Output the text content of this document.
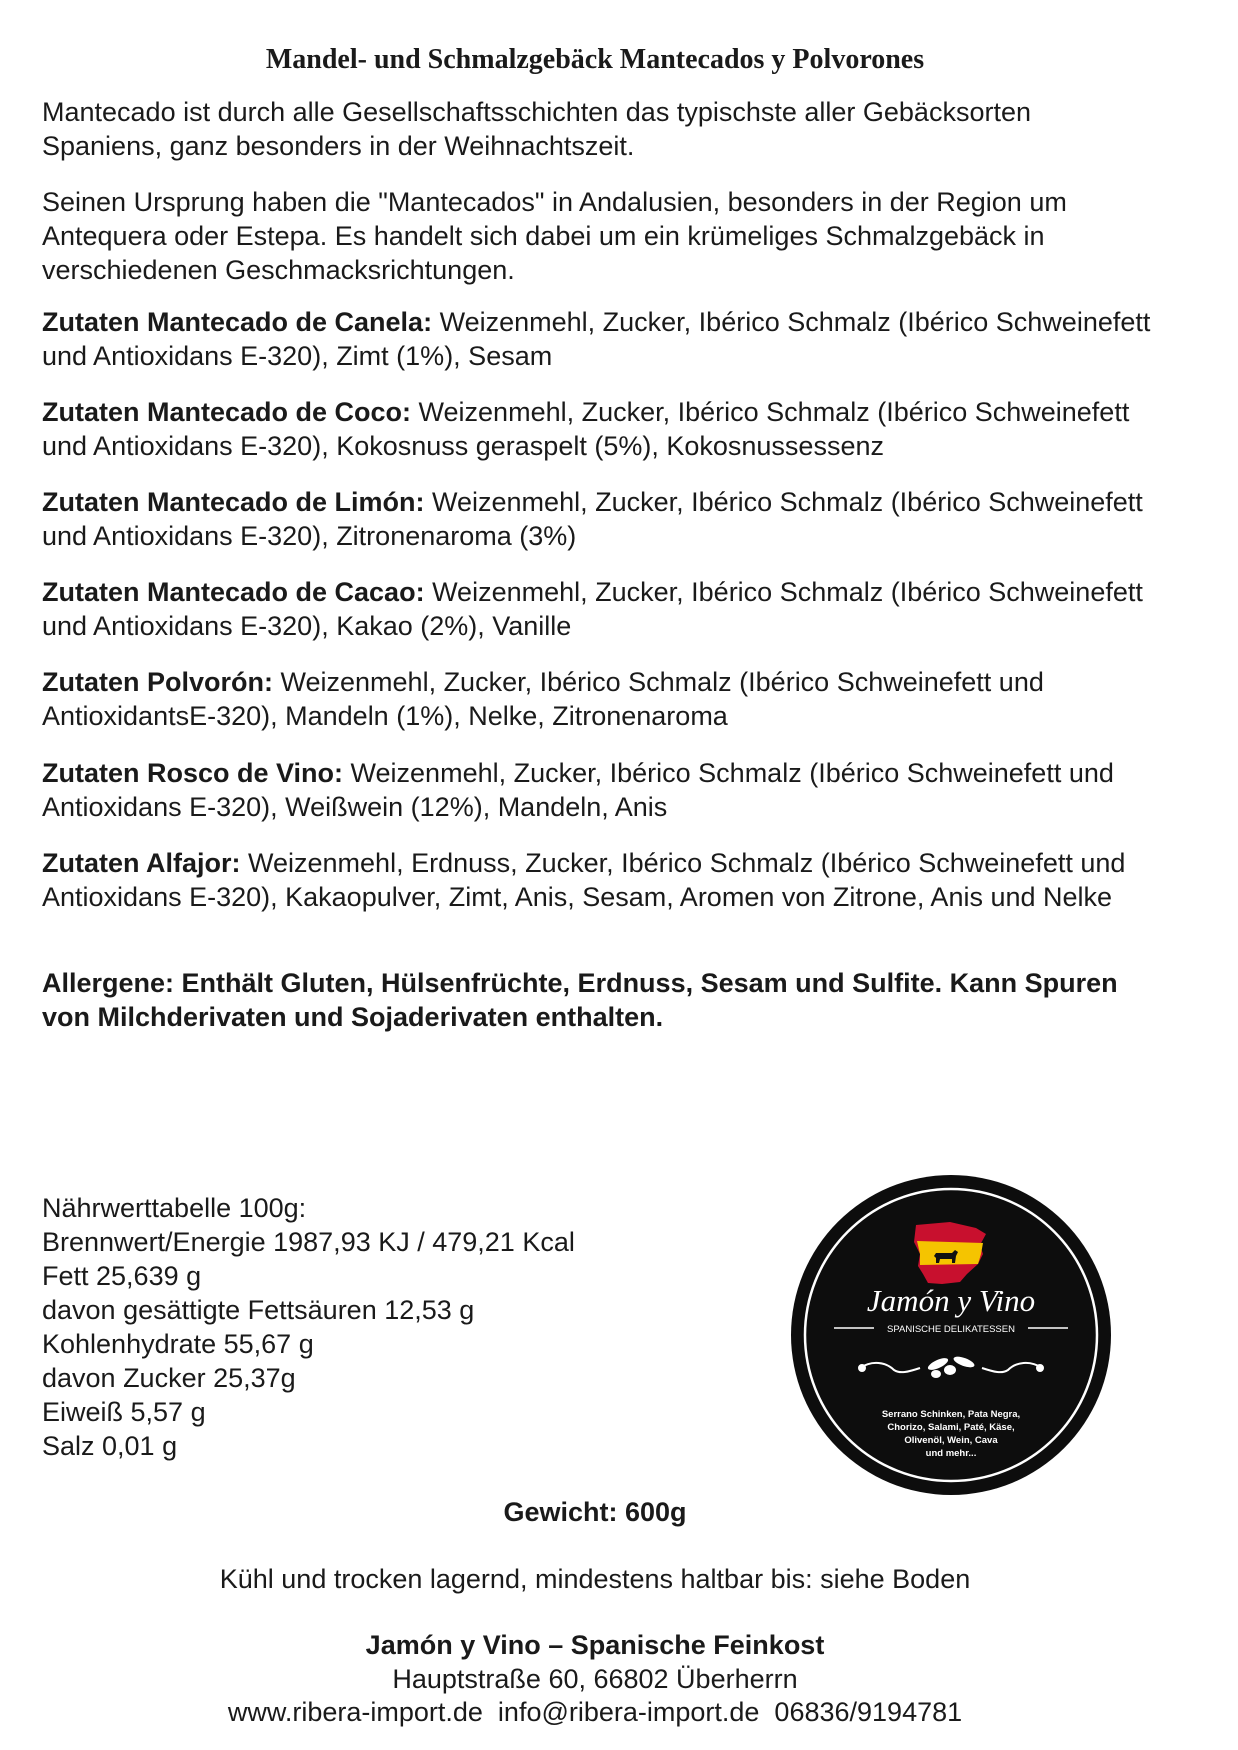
Mandel- und Schmalzgebäck Mantecados y Polvorones

Mantecado ist durch alle Gesellschaftsschichten das typischste aller Gebäcksorten Spaniens, ganz besonders in der Weihnachtszeit.

Seinen Ursprung haben die "Mantecados" in Andalusien, besonders in der Region um Antequera oder Estepa. Es handelt sich dabei um ein krümeliges Schmalzgebäck in verschiedenen Geschmacksrichtungen.

Zutaten Mantecado de Canela: Weizenmehl, Zucker, Ibérico Schmalz (Ibérico Schweinefett und Antioxidans E-320), Zimt (1%), Sesam

Zutaten Mantecado de Coco: Weizenmehl, Zucker, Ibérico Schmalz (Ibérico Schweinefett und Antioxidans E-320), Kokosnuss geraspelt (5%), Kokosnussessenz

Zutaten Mantecado de Limón: Weizenmehl, Zucker, Ibérico Schmalz (Ibérico Schweinefett und Antioxidans E-320), Zitronenaroma (3%)

Zutaten Mantecado de Cacao: Weizenmehl, Zucker, Ibérico Schmalz (Ibérico Schweinefett und Antioxidans E-320), Kakao (2%), Vanille

Zutaten Polvorón: Weizenmehl, Zucker, Ibérico Schmalz (Ibérico Schweinefett und AntioxidantsE-320), Mandeln (1%), Nelke, Zitronenaroma

Zutaten Rosco de Vino: Weizenmehl, Zucker, Ibérico Schmalz (Ibérico Schweinefett und Antioxidans E-320), Weißwein (12%), Mandeln, Anis

Zutaten Alfajor: Weizenmehl, Erdnuss, Zucker, Ibérico Schmalz (Ibérico Schweinefett und Antioxidans E-320), Kakaopulver, Zimt, Anis, Sesam, Aromen von Zitrone, Anis und Nelke

Allergene: Enthält Gluten, Hülsenfrüchte, Erdnuss, Sesam und Sulfite. Kann Spuren von Milchderivaten und Sojaderivaten enthalten.

Nährwerttabelle 100g:
Brennwert/Energie 1987,93 KJ / 479,21 Kcal
Fett 25,639 g
davon gesättigte Fettsäuren 12,53 g
Kohlenhydrate 55,67 g
davon Zucker 25,37g
Eiweiß 5,57 g
Salz 0,01 g
Jamón y Vino
SPANISCHE DELIKATESSEN
Serrano Schinken, Pata Negra,
Chorizo, Salami, Paté, Käse,
Olivenöl, Wein, Cava
und mehr...
Gewicht: 600g
Kühl und trocken lagernd, mindestens haltbar bis: siehe Boden
Jamón y Vino – Spanische Feinkost
Hauptstraße 60, 66802 Überherrn
www.ribera-import.de  info@ribera-import.de  06836/9194781
